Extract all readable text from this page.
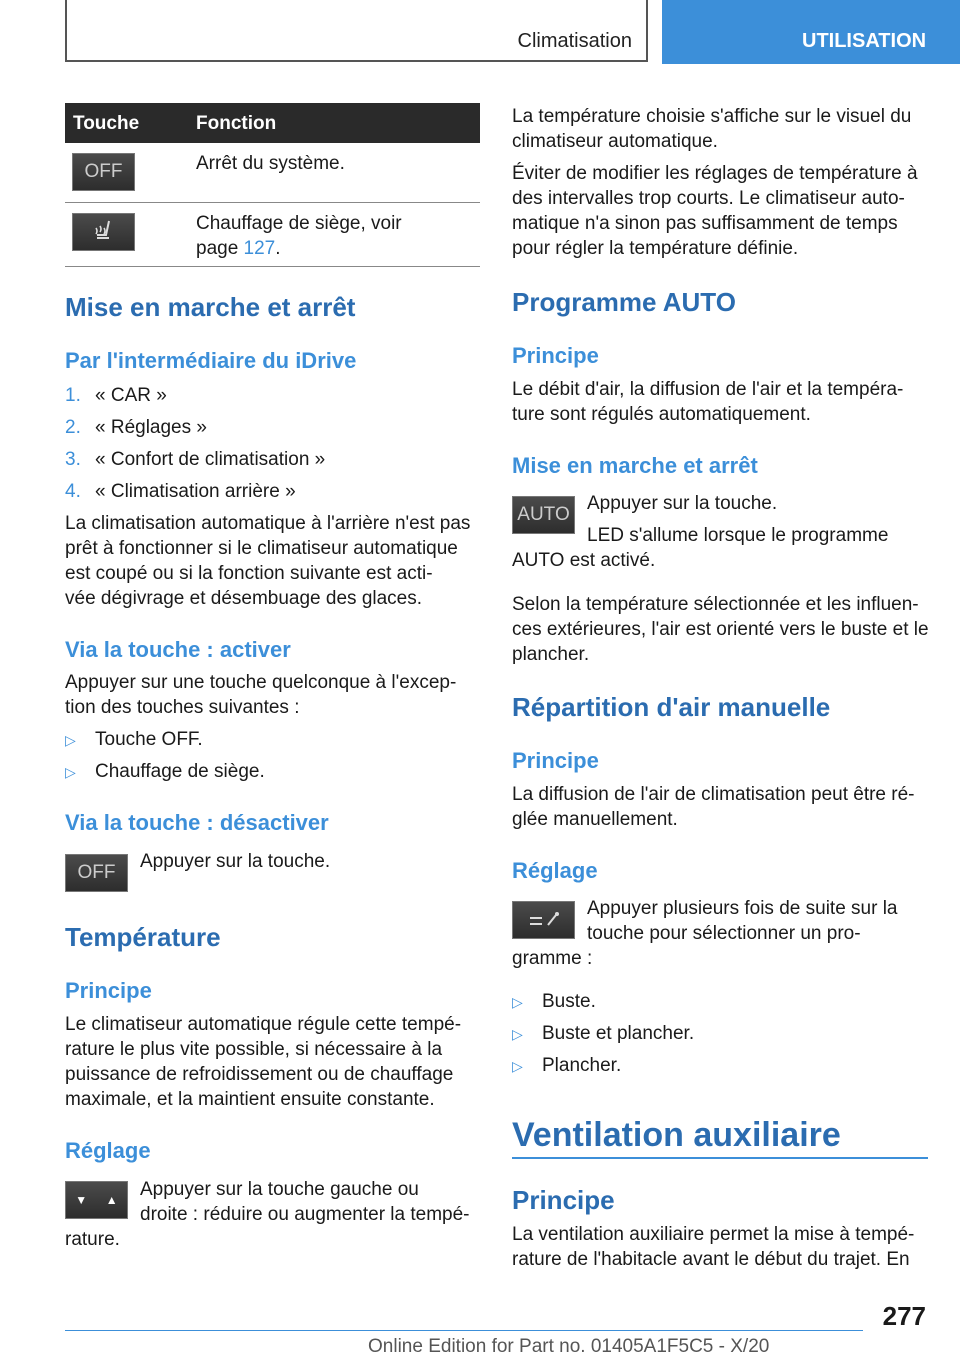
Climatisation	UTILISATION
Touche	Fonction
OFF	Arrêt du système.
Chauffage de siège, voir
page 127.
Mise en marche et arrêt
Par l'intermédiaire du iDrive
1. « CAR »
2. « Réglages »
3. « Confort de climatisation »
4. « Climatisation arrière »
La climatisation automatique à l'arrière n'est pas
prêt à fonctionner si le climatiseur automatique
est coupé ou si la fonction suivante est acti‐
vée dégivrage et désembuage des glaces.
Via la touche : activer
Appuyer sur une touche quelconque à l'excep‐
tion des touches suivantes :
▷ Touche OFF.
▷ Chauffage de siège.
Via la touche : désactiver
OFF
Appuyer sur la touche.
Température
Principe
Le climatiseur automatique régule cette tempé‐
rature le plus vite possible, si nécessaire à la
puissance de refroidissement ou de chauffage
maximale, et la maintient ensuite constante.
Réglage
▼ ▲ Appuyer sur la touche gauche ou
droite : réduire ou augmenter la tempé‐
rature.
La température choisie s'affiche sur le visuel du
climatiseur automatique.
Éviter de modifier les réglages de température à
des intervalles trop courts. Le climatiseur auto‐
matique n'a sinon pas suffisamment de temps
pour régler la température définie.
Programme AUTO
Principe
Le débit d'air, la diffusion de l'air et la tempéra‐
ture sont régulés automatiquement.
Mise en marche et arrêt
AUTO
Appuyer sur la touche.
LED s'allume lorsque le programme
AUTO est activé.
Selon la température sélectionnée et les influen‐
ces extérieures, l'air est orienté vers le buste et le
plancher.
Répartition d'air manuelle
Principe
La diffusion de l'air de climatisation peut être ré‐
glée manuellement.
Réglage
Appuyer plusieurs fois de suite sur la
touche pour sélectionner un pro‐
gramme :
▷ Buste.
▷ Buste et plancher.
▷ Plancher.
Ventilation auxiliaire
Principe
La ventilation auxiliaire permet la mise à tempé‐
rature de l'habitacle avant le début du trajet. En
277
Online Edition for Part no. 01405A1F5C5 - X/20
